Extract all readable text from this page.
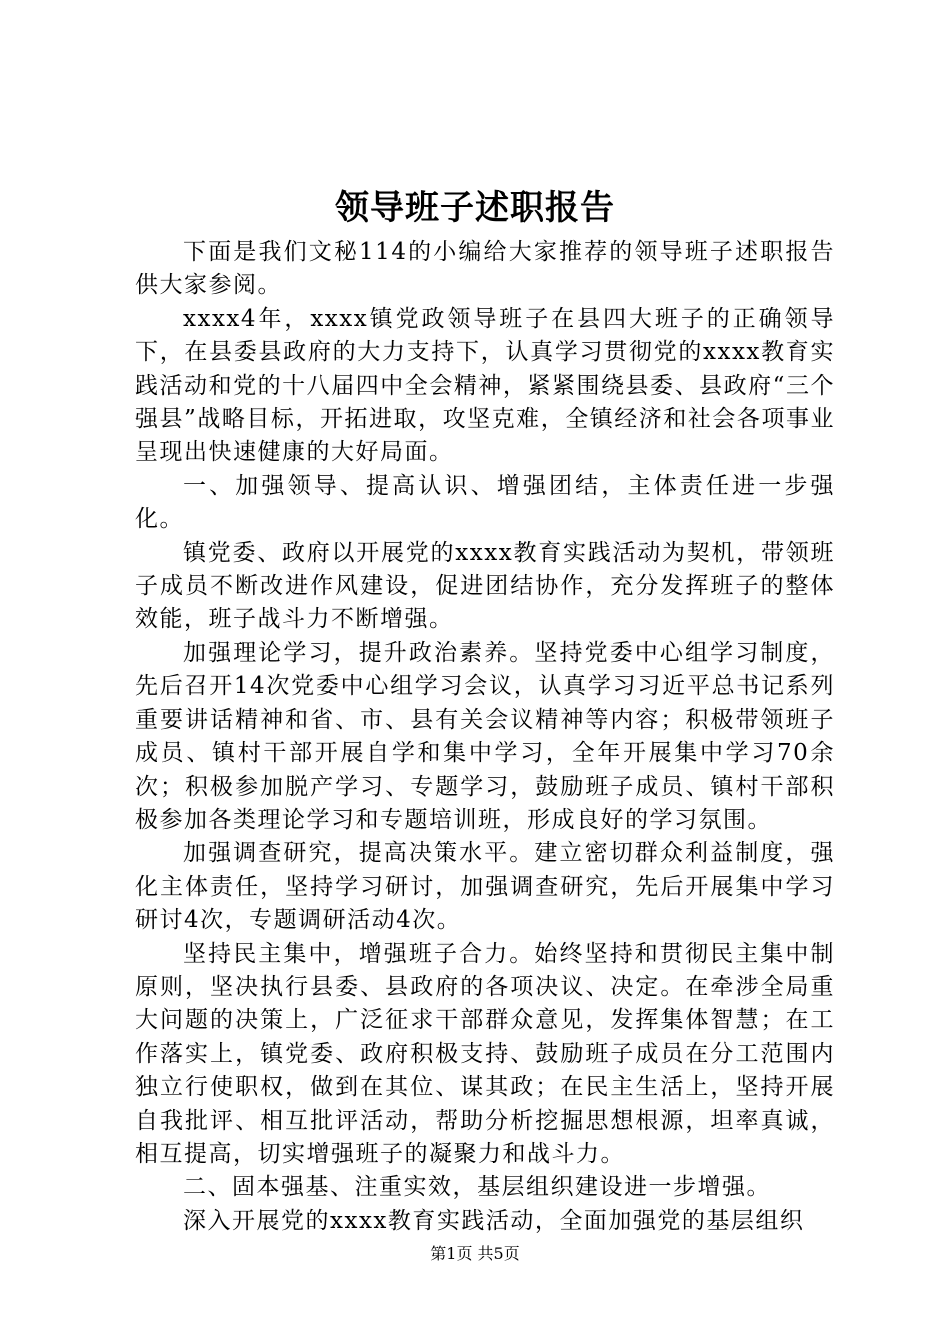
领导班子述职报告

下面是我们文秘114的小编给大家推荐的领导班子述职报告供大家参阅。

xxxx4年，xxxx镇党政领导班子在县四大班子的正确领导下，在县委县政府的大力支持下，认真学习贯彻党的xxxx教育实践活动和党的十八届四中全会精神，紧紧围绕县委、县政府“三个强县”战略目标，开拓进取，攻坚克难，全镇经济和社会各项事业呈现出快速健康的大好局面。

一、加强领导、提高认识、增强团结，主体责任进一步强化。

镇党委、政府以开展党的xxxx教育实践活动为契机，带领班子成员不断改进作风建设，促进团结协作，充分发挥班子的整体效能，班子战斗力不断增强。

加强理论学习，提升政治素养。坚持党委中心组学习制度，先后召开14次党委中心组学习会议，认真学习习近平总书记系列重要讲话精神和省、市、县有关会议精神等内容；积极带领班子成员、镇村干部开展自学和集中学习，全年开展集中学习70余次；积极参加脱产学习、专题学习，鼓励班子成员、镇村干部积极参加各类理论学习和专题培训班，形成良好的学习氛围。

加强调查研究，提高决策水平。建立密切群众利益制度，强化主体责任，坚持学习研讨，加强调查研究，先后开展集中学习研讨4次，专题调研活动4次。

坚持民主集中，增强班子合力。始终坚持和贯彻民主集中制原则，坚决执行县委、县政府的各项决议、决定。在牵涉全局重大问题的决策上，广泛征求干部群众意见，发挥集体智慧；在工作落实上，镇党委、政府积极支持、鼓励班子成员在分工范围内独立行使职权，做到在其位、谋其政；在民主生活上，坚持开展自我批评、相互批评活动，帮助分析挖掘思想根源，坦率真诚，相互提高，切实增强班子的凝聚力和战斗力。

二、固本强基、注重实效，基层组织建设进一步增强。

深入开展党的xxxx教育实践活动，全面加强党的基层组织

第1页 共5页
